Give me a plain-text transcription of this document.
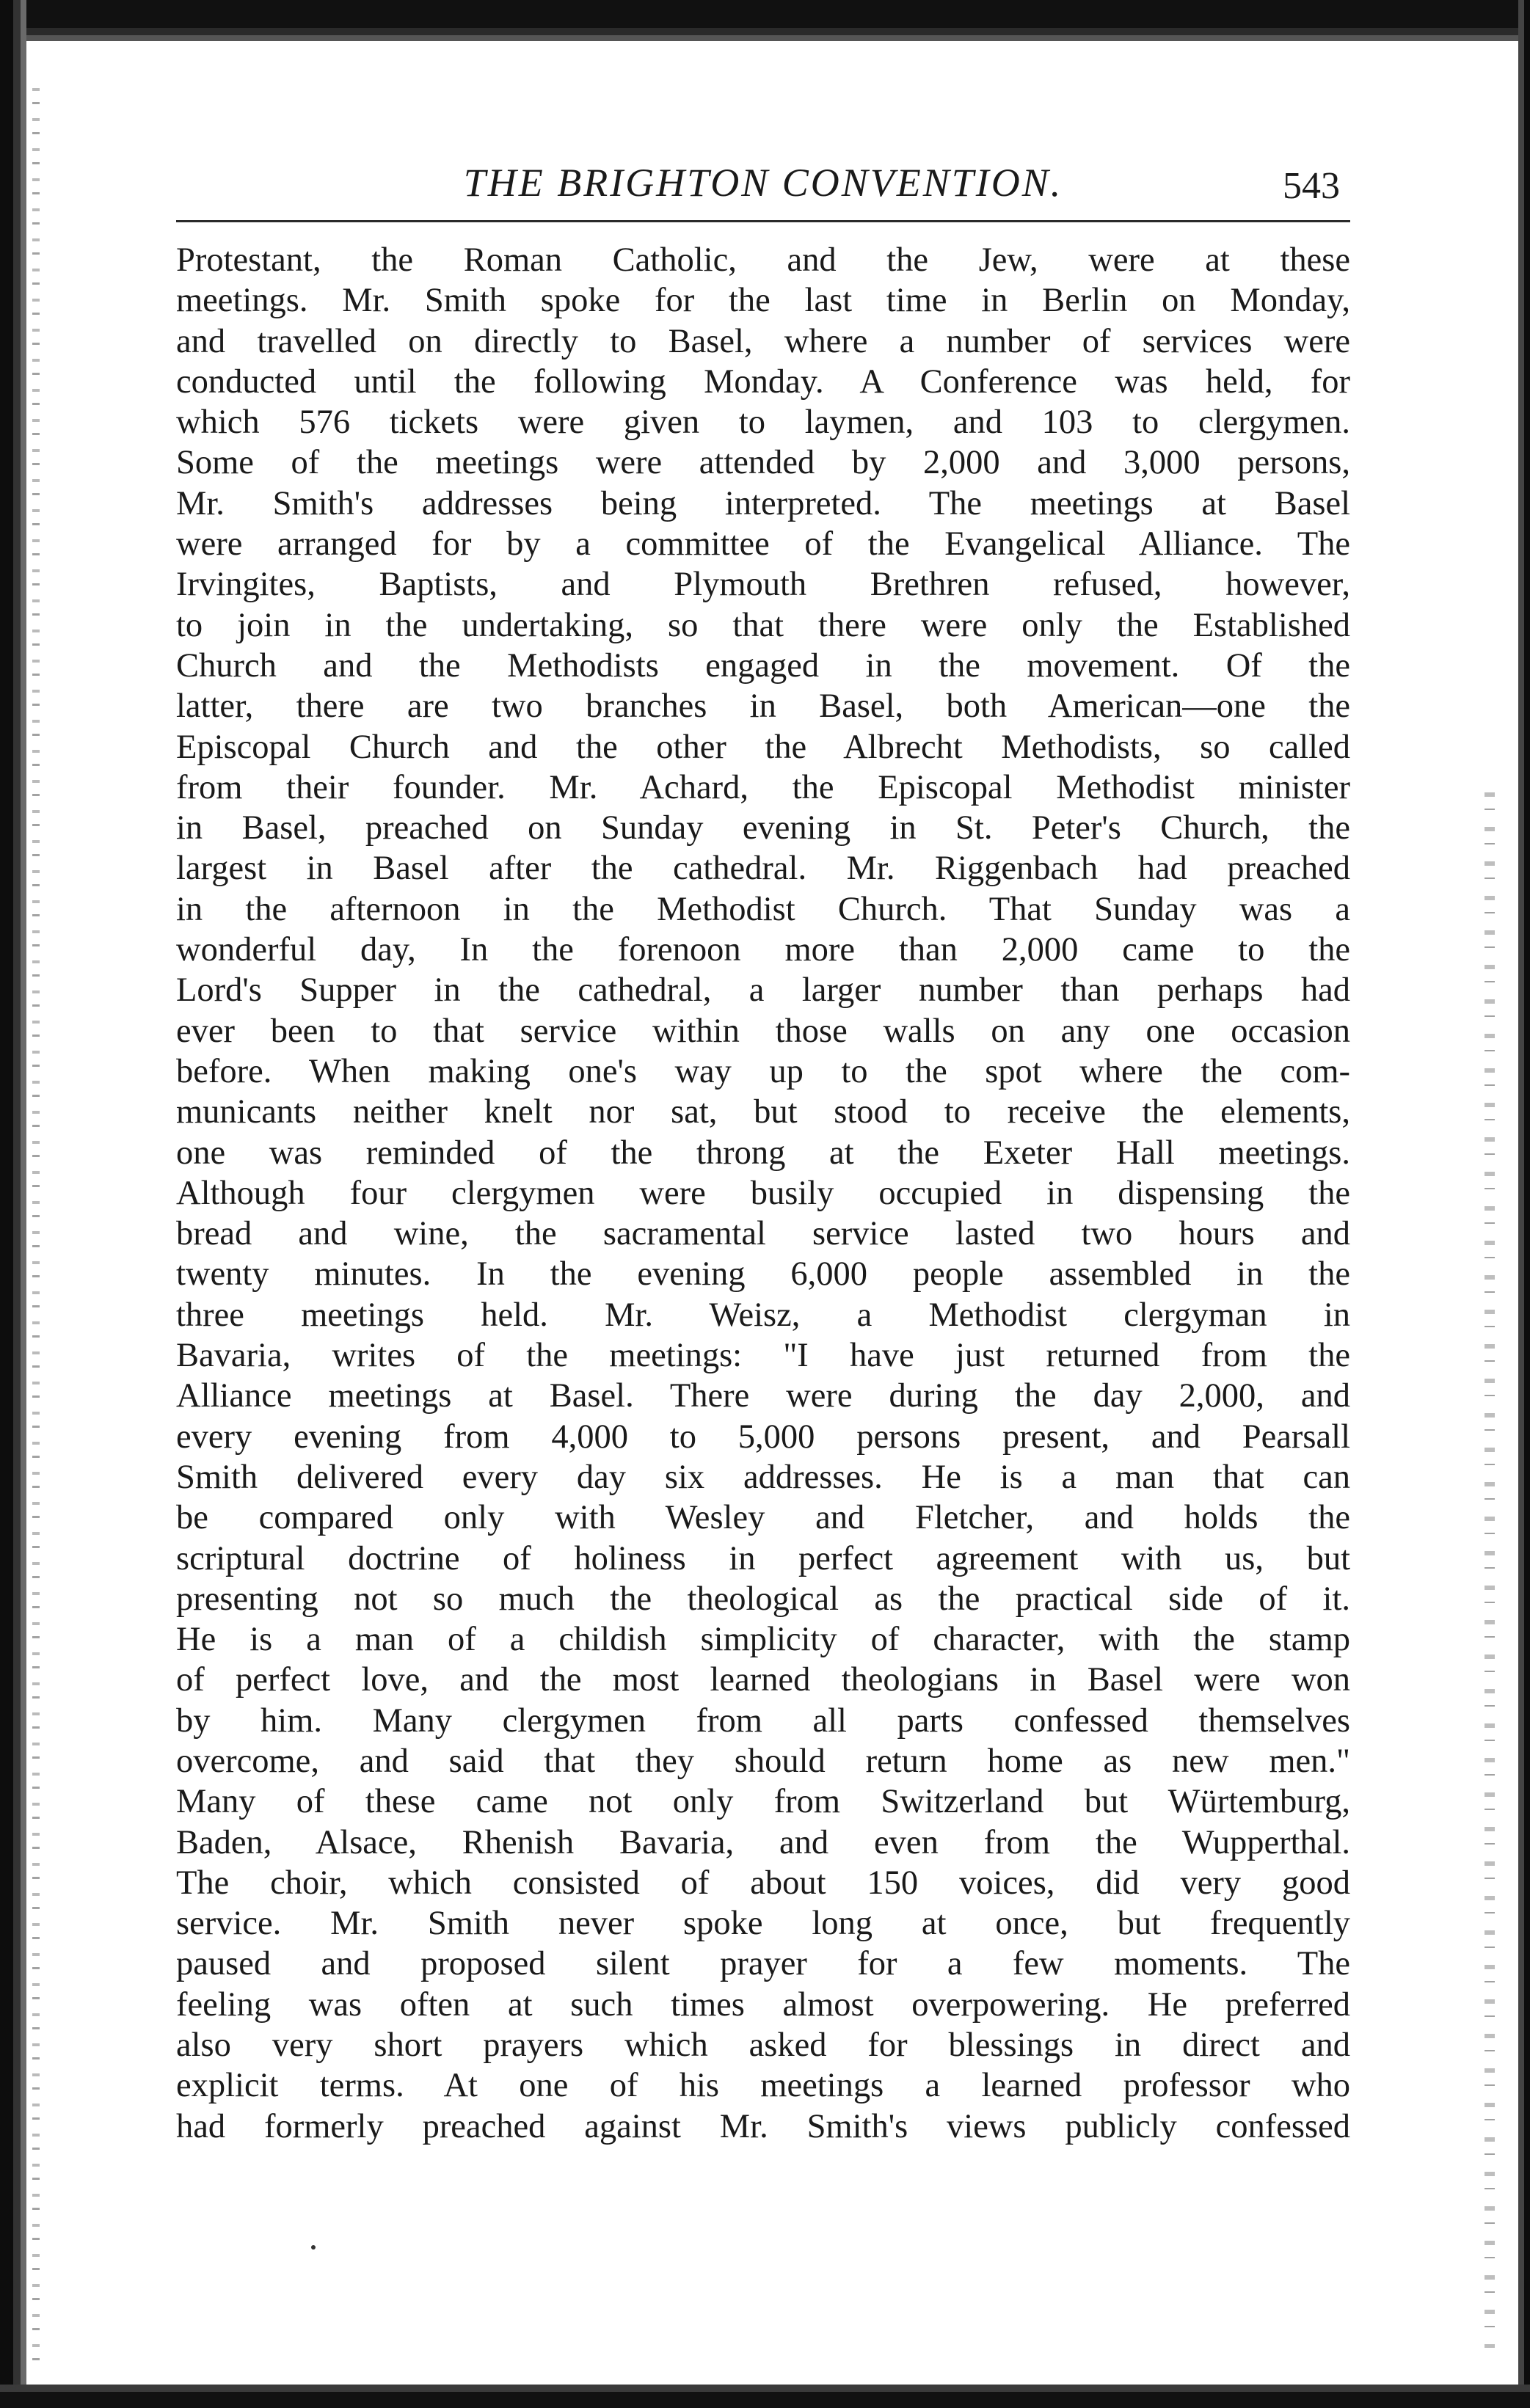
THE BRIGHTON CONVENTION.	543
Protestant, the Roman Catholic, and the Jew, were at these
meetings. Mr. Smith spoke for the last time in Berlin on Monday,
and travelled on directly to Basel, where a number of services were
conducted until the following Monday. A Conference was held, for
which 576 tickets were given to laymen, and 103 to clergymen.
Some of the meetings were attended by 2,000 and 3,000 persons,
Mr. Smith's addresses being interpreted. The meetings at Basel
were arranged for by a committee of the Evangelical Alliance. The
Irvingites, Baptists, and Plymouth Brethren refused, however,
to join in the undertaking, so that there were only the Established
Church and the Methodists engaged in the movement. Of the
latter, there are two branches in Basel, both American—one the
Episcopal Church and the other the Albrecht Methodists, so called
from their founder. Mr. Achard, the Episcopal Methodist minister
in Basel, preached on Sunday evening in St. Peter's Church, the
largest in Basel after the cathedral. Mr. Riggenbach had preached
in the afternoon in the Methodist Church. That Sunday was a
wonderful day, In the forenoon more than 2,000 came to the
Lord's Supper in the cathedral, a larger number than perhaps had
ever been to that service within those walls on any one occasion
before. When making one's way up to the spot where the com-
municants neither knelt nor sat, but stood to receive the elements,
one was reminded of the throng at the Exeter Hall meetings.
Although four clergymen were busily occupied in dispensing the
bread and wine, the sacramental service lasted two hours and
twenty minutes. In the evening 6,000 people assembled in the
three meetings held. Mr. Weisz, a Methodist clergyman in
Bavaria, writes of the meetings: "I have just returned from the
Alliance meetings at Basel. There were during the day 2,000, and
every evening from 4,000 to 5,000 persons present, and Pearsall
Smith delivered every day six addresses. He is a man that can
be compared only with Wesley and Fletcher, and holds the
scriptural doctrine of holiness in perfect agreement with us, but
presenting not so much the theological as the practical side of it.
He is a man of a childish simplicity of character, with the stamp
of perfect love, and the most learned theologians in Basel were won
by him. Many clergymen from all parts confessed themselves
overcome, and said that they should return home as new men."
Many of these came not only from Switzerland but Würtemburg,
Baden, Alsace, Rhenish Bavaria, and even from the Wupperthal.
The choir, which consisted of about 150 voices, did very good
service. Mr. Smith never spoke long at once, but frequently
paused and proposed silent prayer for a few moments. The
feeling was often at such times almost overpowering. He preferred
also very short prayers which asked for blessings in direct and
explicit terms. At one of his meetings a learned professor who
had formerly preached against Mr. Smith's views publicly confessed
